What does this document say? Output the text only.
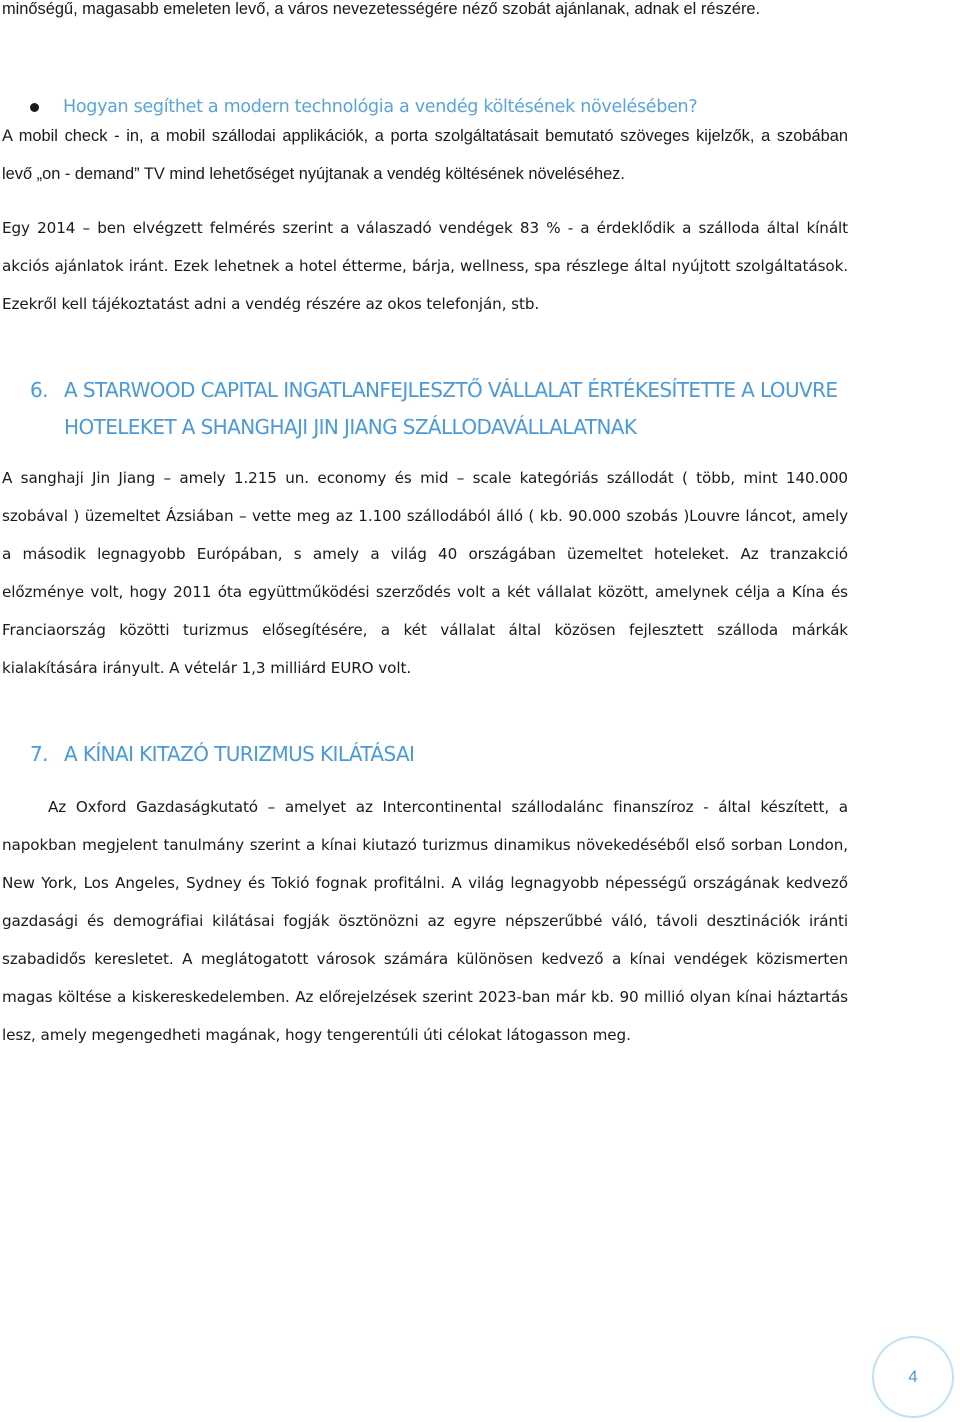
minőségű, magasabb emeleten levő, a város nevezetességére néző szobát ajánlanak, adnak el részére.

Hogyan segíthet a modern technológia a vendég költésének növelésében?

A mobil check - in, a mobil szállodai applikációk, a porta szolgáltatásait bemutató szöveges kijelzők, a szobában levő „on - demand” TV mind lehetőséget nyújtanak a vendég költésének növeléséhez.

Egy 2014 – ben elvégzett felmérés szerint a válaszadó vendégek 83 % - a érdeklődik a szálloda által kínált akciós ajánlatok iránt. Ezek lehetnek a hotel étterme, bárja, wellness, spa részlege által nyújtott szolgáltatások. Ezekről kell tájékoztatást adni a vendég részére az okos telefonján, stb.

6. A STARWOOD CAPITAL INGATLANFEJLESZTŐ VÁLLALAT ÉRTÉKESÍTETTE A LOUVRE HOTELEKET A SHANGHAJI JIN JIANG SZÁLLODAVÁLLALATNAK

A sanghaji Jin Jiang – amely 1.215 un. economy és mid – scale kategóriás szállodát ( több, mint 140.000 szobával ) üzemeltet Ázsiában – vette meg az 1.100 szállodából álló ( kb. 90.000 szobás )Louvre láncot, amely a második legnagyobb Európában, s amely a világ 40 országában üzemeltet hoteleket. Az tranzakció előzménye volt, hogy 2011 óta együttműködési szerződés volt a két vállalat között, amelynek célja a Kína és Franciaország közötti turizmus elősegítésére, a két vállalat által közösen fejlesztett szálloda márkák kialakítására irányult. A vételár 1,3 milliárd EURO volt.

7. A KÍNAI KITAZÓ TURIZMUS KILÁTÁSAI

Az Oxford Gazdaságkutató – amelyet az Intercontinental szállodalánc finanszíroz - által készített, a napokban megjelent tanulmány szerint a kínai kiutazó turizmus dinamikus növekedéséből első sorban London, New York, Los Angeles, Sydney és Tokió fognak profitálni. A világ legnagyobb népességű országának kedvező gazdasági és demográfiai kilátásai fogják ösztönözni az egyre népszerűbbé váló, távoli desztinációk iránti szabadidős keresletet. A meglátogatott városok számára különösen kedvező a kínai vendégek közismerten magas költése a kiskereskedelemben. Az előrejelzések szerint 2023-ban már kb. 90 millió olyan kínai háztartás lesz, amely megengedheti magának, hogy tengerentúli úti célokat látogasson meg.

4
